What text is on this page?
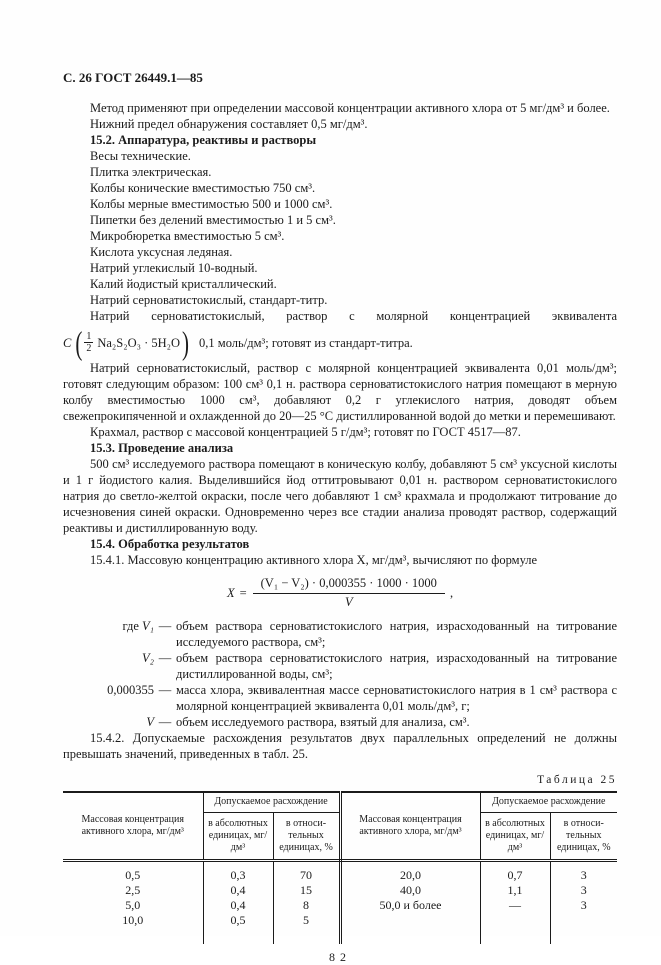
С. 26 ГОСТ 26449.1—85

Метод применяют при определении массовой концентрации активного хлора от 5 мг/дм³ и более.

Нижний предел обнаружения составляет 0,5 мг/дм³.

15.2. Аппаратура, реактивы и растворы
Весы технические.
Плитка электрическая.
Колбы конические вместимостью 750 см³.
Колбы мерные вместимостью 500 и 1000 см³.
Пипетки без делений вместимостью 1 и 5 см³.
Микробюретка вместимостью 5 см³.
Кислота уксусная ледяная.
Натрий углекислый 10-водный.
Калий йодистый кристаллический.
Натрий серноватистокислый, стандарт-титр.
Натрий серноватистокислый, раствор с молярной концентрацией эквивалента
C ( $\frac{1}{2} Na_2S_2O_3 \cdot 5H_2O$ ) 0,1 моль/дм³; готовят из стандарт-титра.

Натрий серноватистокислый, раствор с молярной концентрацией эквивалента 0,01 моль/дм³; готовят следующим образом: 100 см³ 0,1 н. раствора серноватистокислого натрия помещают в мерную колбу вместимостью 1000 см³, добавляют 0,2 г углекислого натрия, доводят объем свежепрокипяченной и охлажденной до 20—25 °С дистиллированной водой до метки и перемешивают.

Крахмал, раствор с массовой концентрацией 5 г/дм³; готовят по ГОСТ 4517—87.
15.3. Проведение анализа

500 см³ исследуемого раствора помещают в коническую колбу, добавляют 5 см³ уксусной кислоты и 1 г йодистого калия. Выделившийся йод оттитровывают 0,01 н. раствором серноватистокислого натрия до светло-желтой окраски, после чего добавляют 1 см³ крахмала и продолжают титрование до исчезновения синей окраски. Одновременно через все стадии анализа проводят раствор, содержащий реактивы и дистиллированную воду.

15.4. Обработка результатов
15.4.1. Массовую концентрацию активного хлора X, мг/дм³, вычисляют по формуле
$X = \frac{\text{(V₁ − V₂) · 0,000355 · 1000 · 1000}}{V}$ ,
где V₁ — объем раствора серноватистокислого натрия, израсходованный на титрование исследуемого раствора, см³;
V₂ — объем раствора серноватистокислого натрия, израсходованный на титрование дистиллированной воды, см³;
0,000355 — масса хлора, эквивалентная массе серноватистокислого натрия в 1 см³ раствора с молярной концентрацией эквивалента 0,01 моль/дм³, г;
V — объем исследуемого раствора, взятый для анализа, см³.

15.4.2. Допускаемые расхождения результатов двух параллельных определений не должны превышать значений, приведенных в табл. 25.

Таблица 25
Массовая концентрация активного хлора, мг/дм³	Допускаемое расхождение		Массовая концентрация активного хлора, мг/дм³	Допускаемое расхождение	
	в абсолютных единицах, мг/дм³	в относительных единицах, %		в абсолютных единицах, мг/дм³	в относительных единицах, %
0,5	0,3	70	20,0	0,7	3
2,5	0,4	15	40,0	1,1	3
5,0	0,4	8	50,0 и более	—	3
10,0	0,5	5			
82
